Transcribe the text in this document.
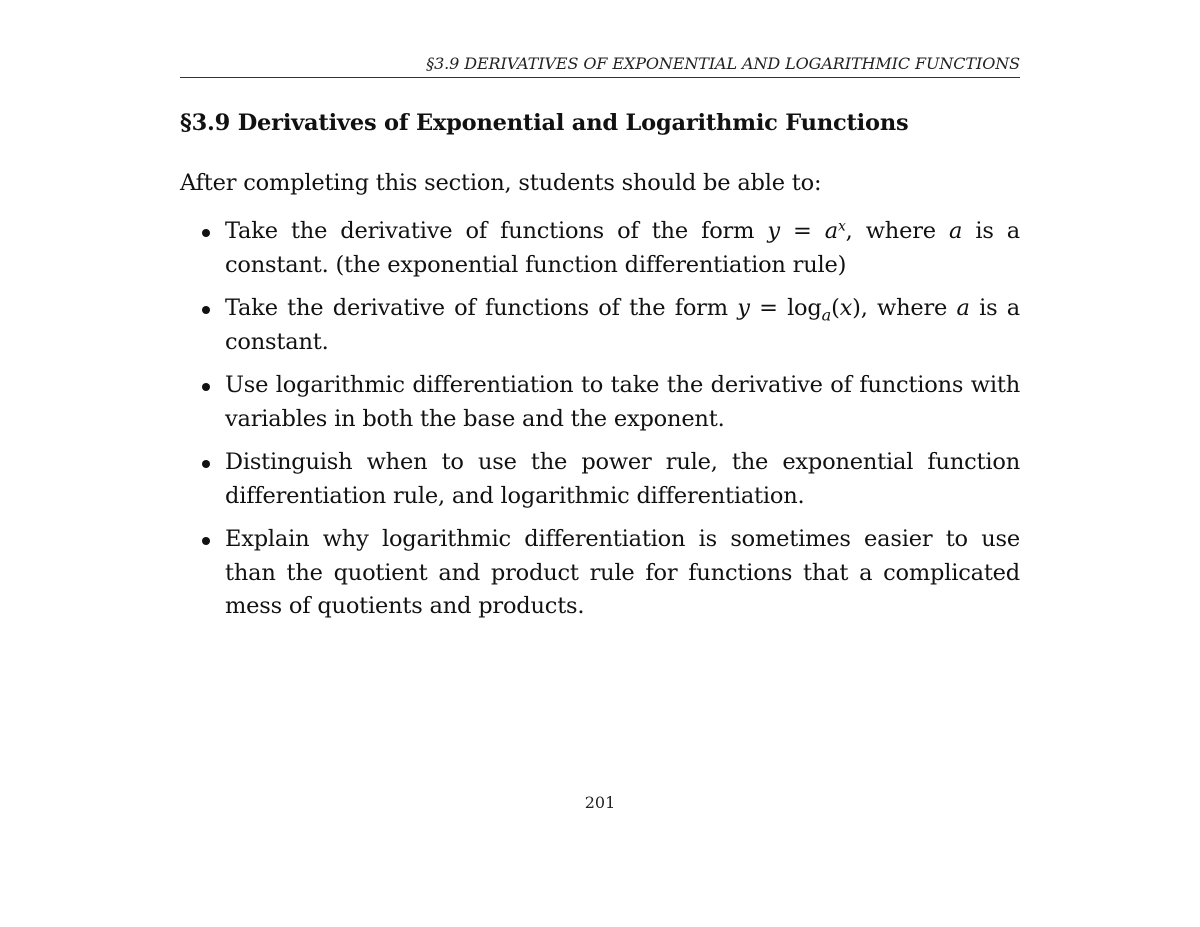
§3.9 DERIVATIVES OF EXPONENTIAL AND LOGARITHMIC FUNCTIONS
§3.9 Derivatives of Exponential and Logarithmic Functions
After completing this section, students should be able to:
Take the derivative of functions of the form $y = a^x$, where a is a constant. (the exponential function differentiation rule)
Take the derivative of functions of the form $y = \log_a(x)$, where a is a constant.
Use logarithmic differentiation to take the derivative of functions with variables in both the base and the exponent.
Distinguish when to use the power rule, the exponential function differentiation rule, and logarithmic differentiation.
Explain why logarithmic differentiation is sometimes easier to use than the quotient and product rule for functions that a complicated mess of quotients and products.
201
